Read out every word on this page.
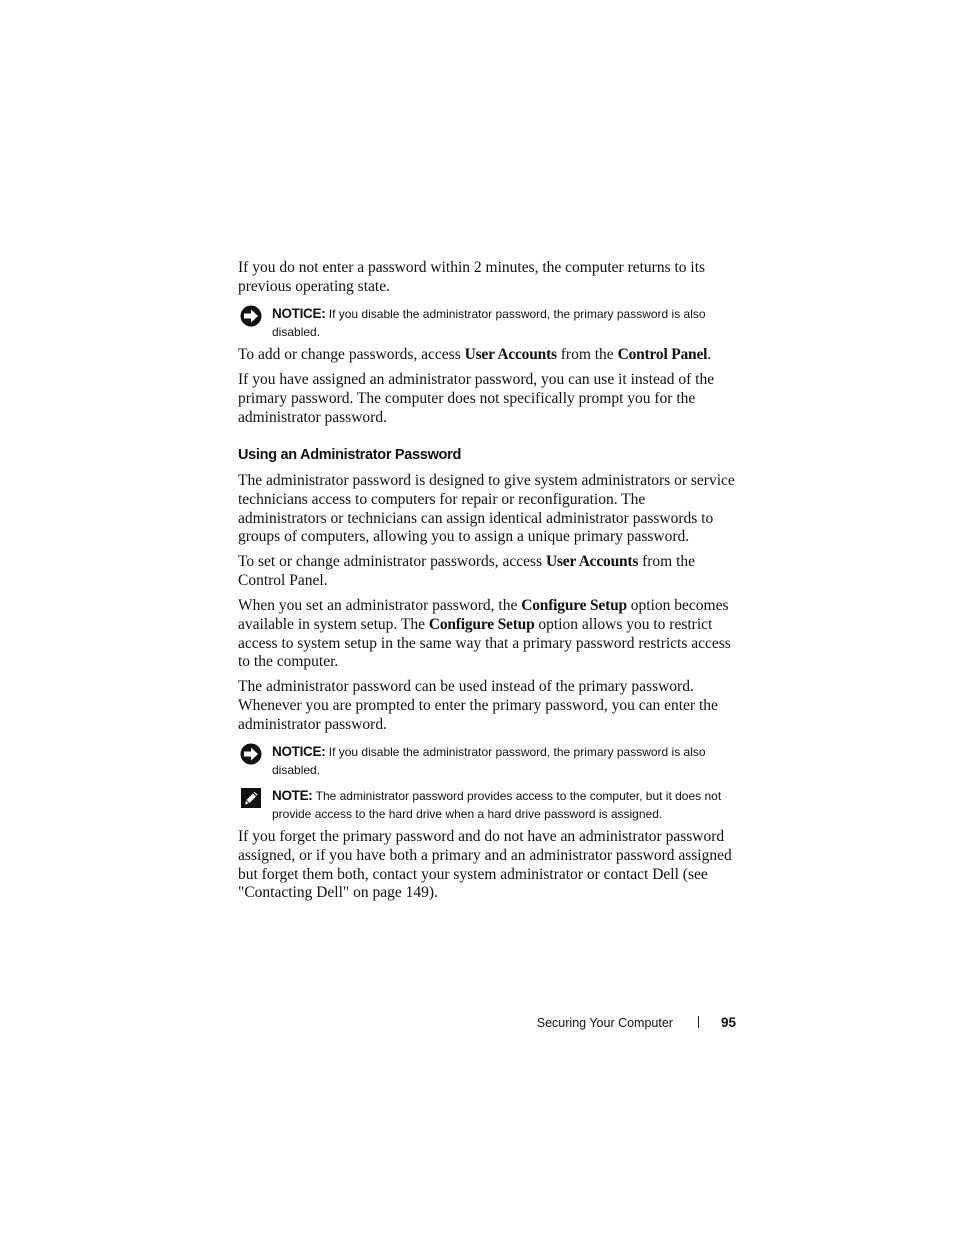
If you do not enter a password within 2 minutes, the computer returns to its previous operating state.

NOTICE: If you disable the administrator password, the primary password is also disabled.

To add or change passwords, access User Accounts from the Control Panel.

If you have assigned an administrator password, you can use it instead of the primary password. The computer does not specifically prompt you for the administrator password.

Using an Administrator Password

The administrator password is designed to give system administrators or service technicians access to computers for repair or reconfiguration. The administrators or technicians can assign identical administrator passwords to groups of computers, allowing you to assign a unique primary password.

To set or change administrator passwords, access User Accounts from the Control Panel.

When you set an administrator password, the Configure Setup option becomes available in system setup. The Configure Setup option allows you to restrict access to system setup in the same way that a primary password restricts access to the computer.

The administrator password can be used instead of the primary password. Whenever you are prompted to enter the primary password, you can enter the administrator password.

NOTICE: If you disable the administrator password, the primary password is also disabled.
NOTE: The administrator password provides access to the computer, but it does not provide access to the hard drive when a hard drive password is assigned.

If you forget the primary password and do not have an administrator password assigned, or if you have both a primary and an administrator password assigned but forget them both, contact your system administrator or contact Dell (see "Contacting Dell" on page 149).

Securing Your Computer	95
